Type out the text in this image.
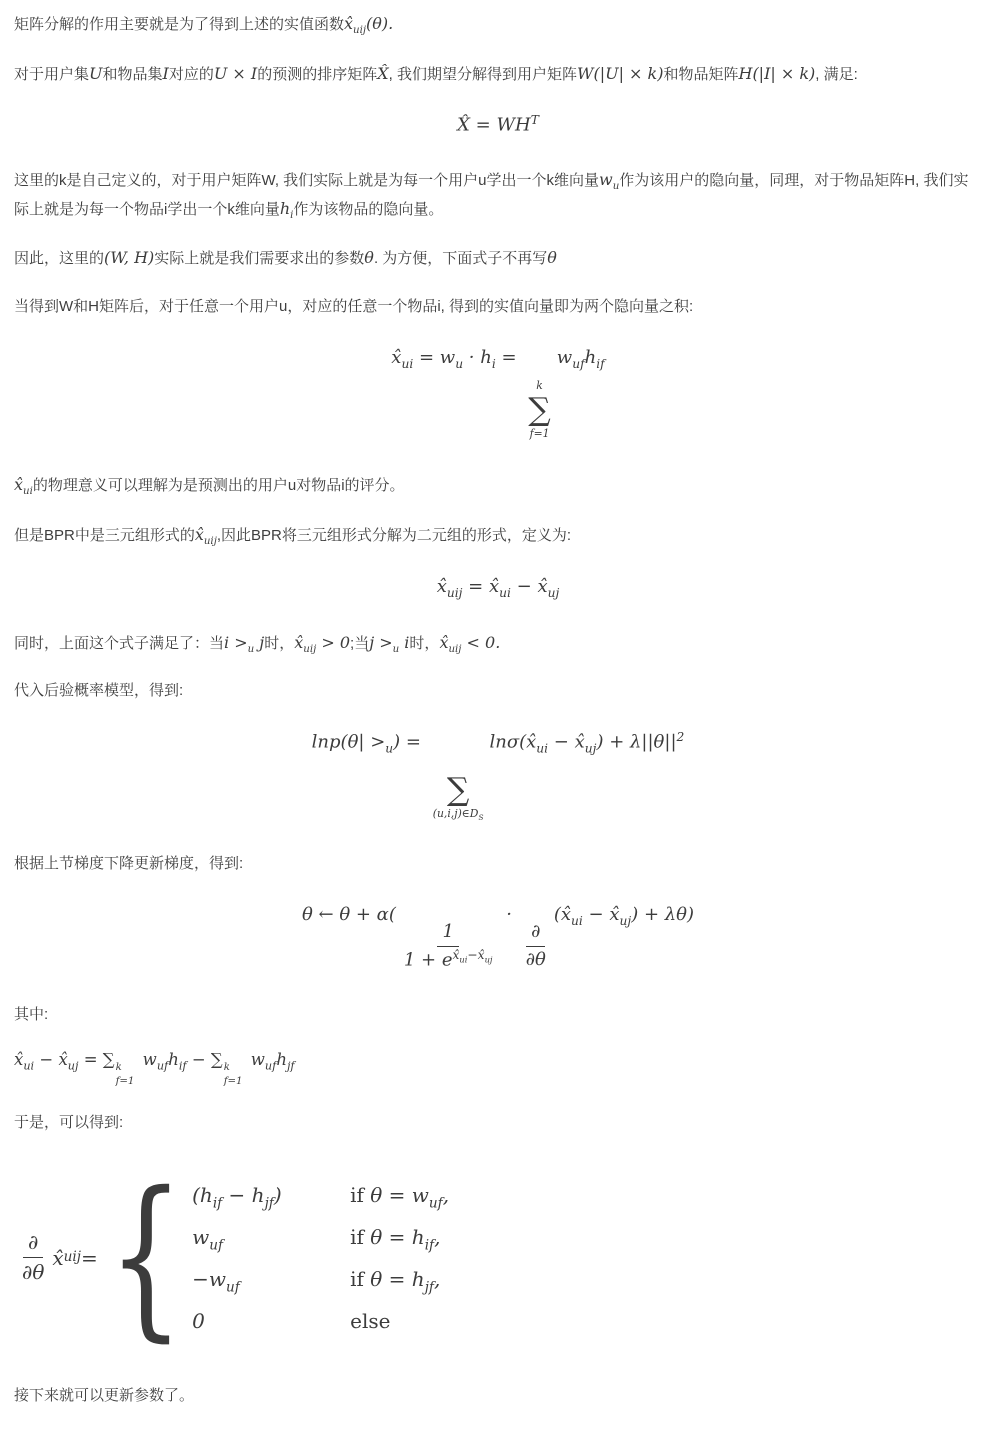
矩阵分解的作用主要就是为了得到上述的实值函数$x̂_{uij}(\theta)$.
对于用户集U和物品集I对应的U × I的预测的排序矩阵X̂, 我们期望分解得到用户矩阵W(|U| × k)和物品矩阵H(|I| × k), 满足:
X̂ = $WH^T$
这里的k是自己定义的，对于用户矩阵W, 我们实际上就是为每一个用户u学出一个k维向量$w_u$作为该用户的隐向量，同理，对于物品矩阵H, 我们实际上就是为每一个物品i学出一个k维向量$h_i$作为该物品的隐向量。
因此，这里的(W, H)实际上就是我们需要求出的参数θ. 为方便，下面式子不再写θ
当得到W和H矩阵后，对于任意一个用户u，对应的任意一个物品i, 得到的实值向量即为两个隐向量之积:
$x̂_{ui} = w_u \cdot h_i$ =
k
∑
f=1
$w_{uf}h_{if}$
$x̂_{ui}$的物理意义可以理解为是预测出的用户u对物品i的评分。
但是BPR中是三元组形式的$x̂_{uij}$,因此BPR将三元组形式分解为二元组的形式，定义为:
$x̂_{uij}$ = $x̂_{ui}$ − $x̂_{uj}$
同时，上面这个式子满足了：当$i >_u$ j时，$x̂_{uij} > 0$;当$j >_u$ i时，$x̂_{uij} < 0$.
代入后验概率模型，得到:
$\ln p(\theta| >_u)$ =
∑
$(u,i,j)\in D_S$
$\ln\sigma(x̂_{ui}$ − $x̂_{uj}) + \lambda||\theta||^2$
根据上节梯度下降更新梯度，得到:
θ ← θ + α(
$\frac{1}{1 + e^{x̂_{ui}-x̂_{uj}}}$
·
$\frac{\partial}{\partial\theta}$
($x̂_{ui}$ − $x̂_{uj}) + \lambda\theta$)
其中:
$x̂_{ui}$ − $x̂_{uj}$ = ∑ k
f=1
$w_{uf}h_{if}$ − ∑ k
f=1
$w_{uf}h_{jf}$
于是，可以得到:
$\frac{\partial}{\partial\theta}$ x̂ uij = { $(h_{if} - h_{jf})$	if $\theta = w_{uf}$,
$w_{uf}$	if $\theta = h_{if}$,
$-w_{uf}$	if $\theta = h_{jf}$,
0	else
接下来就可以更新参数了。
